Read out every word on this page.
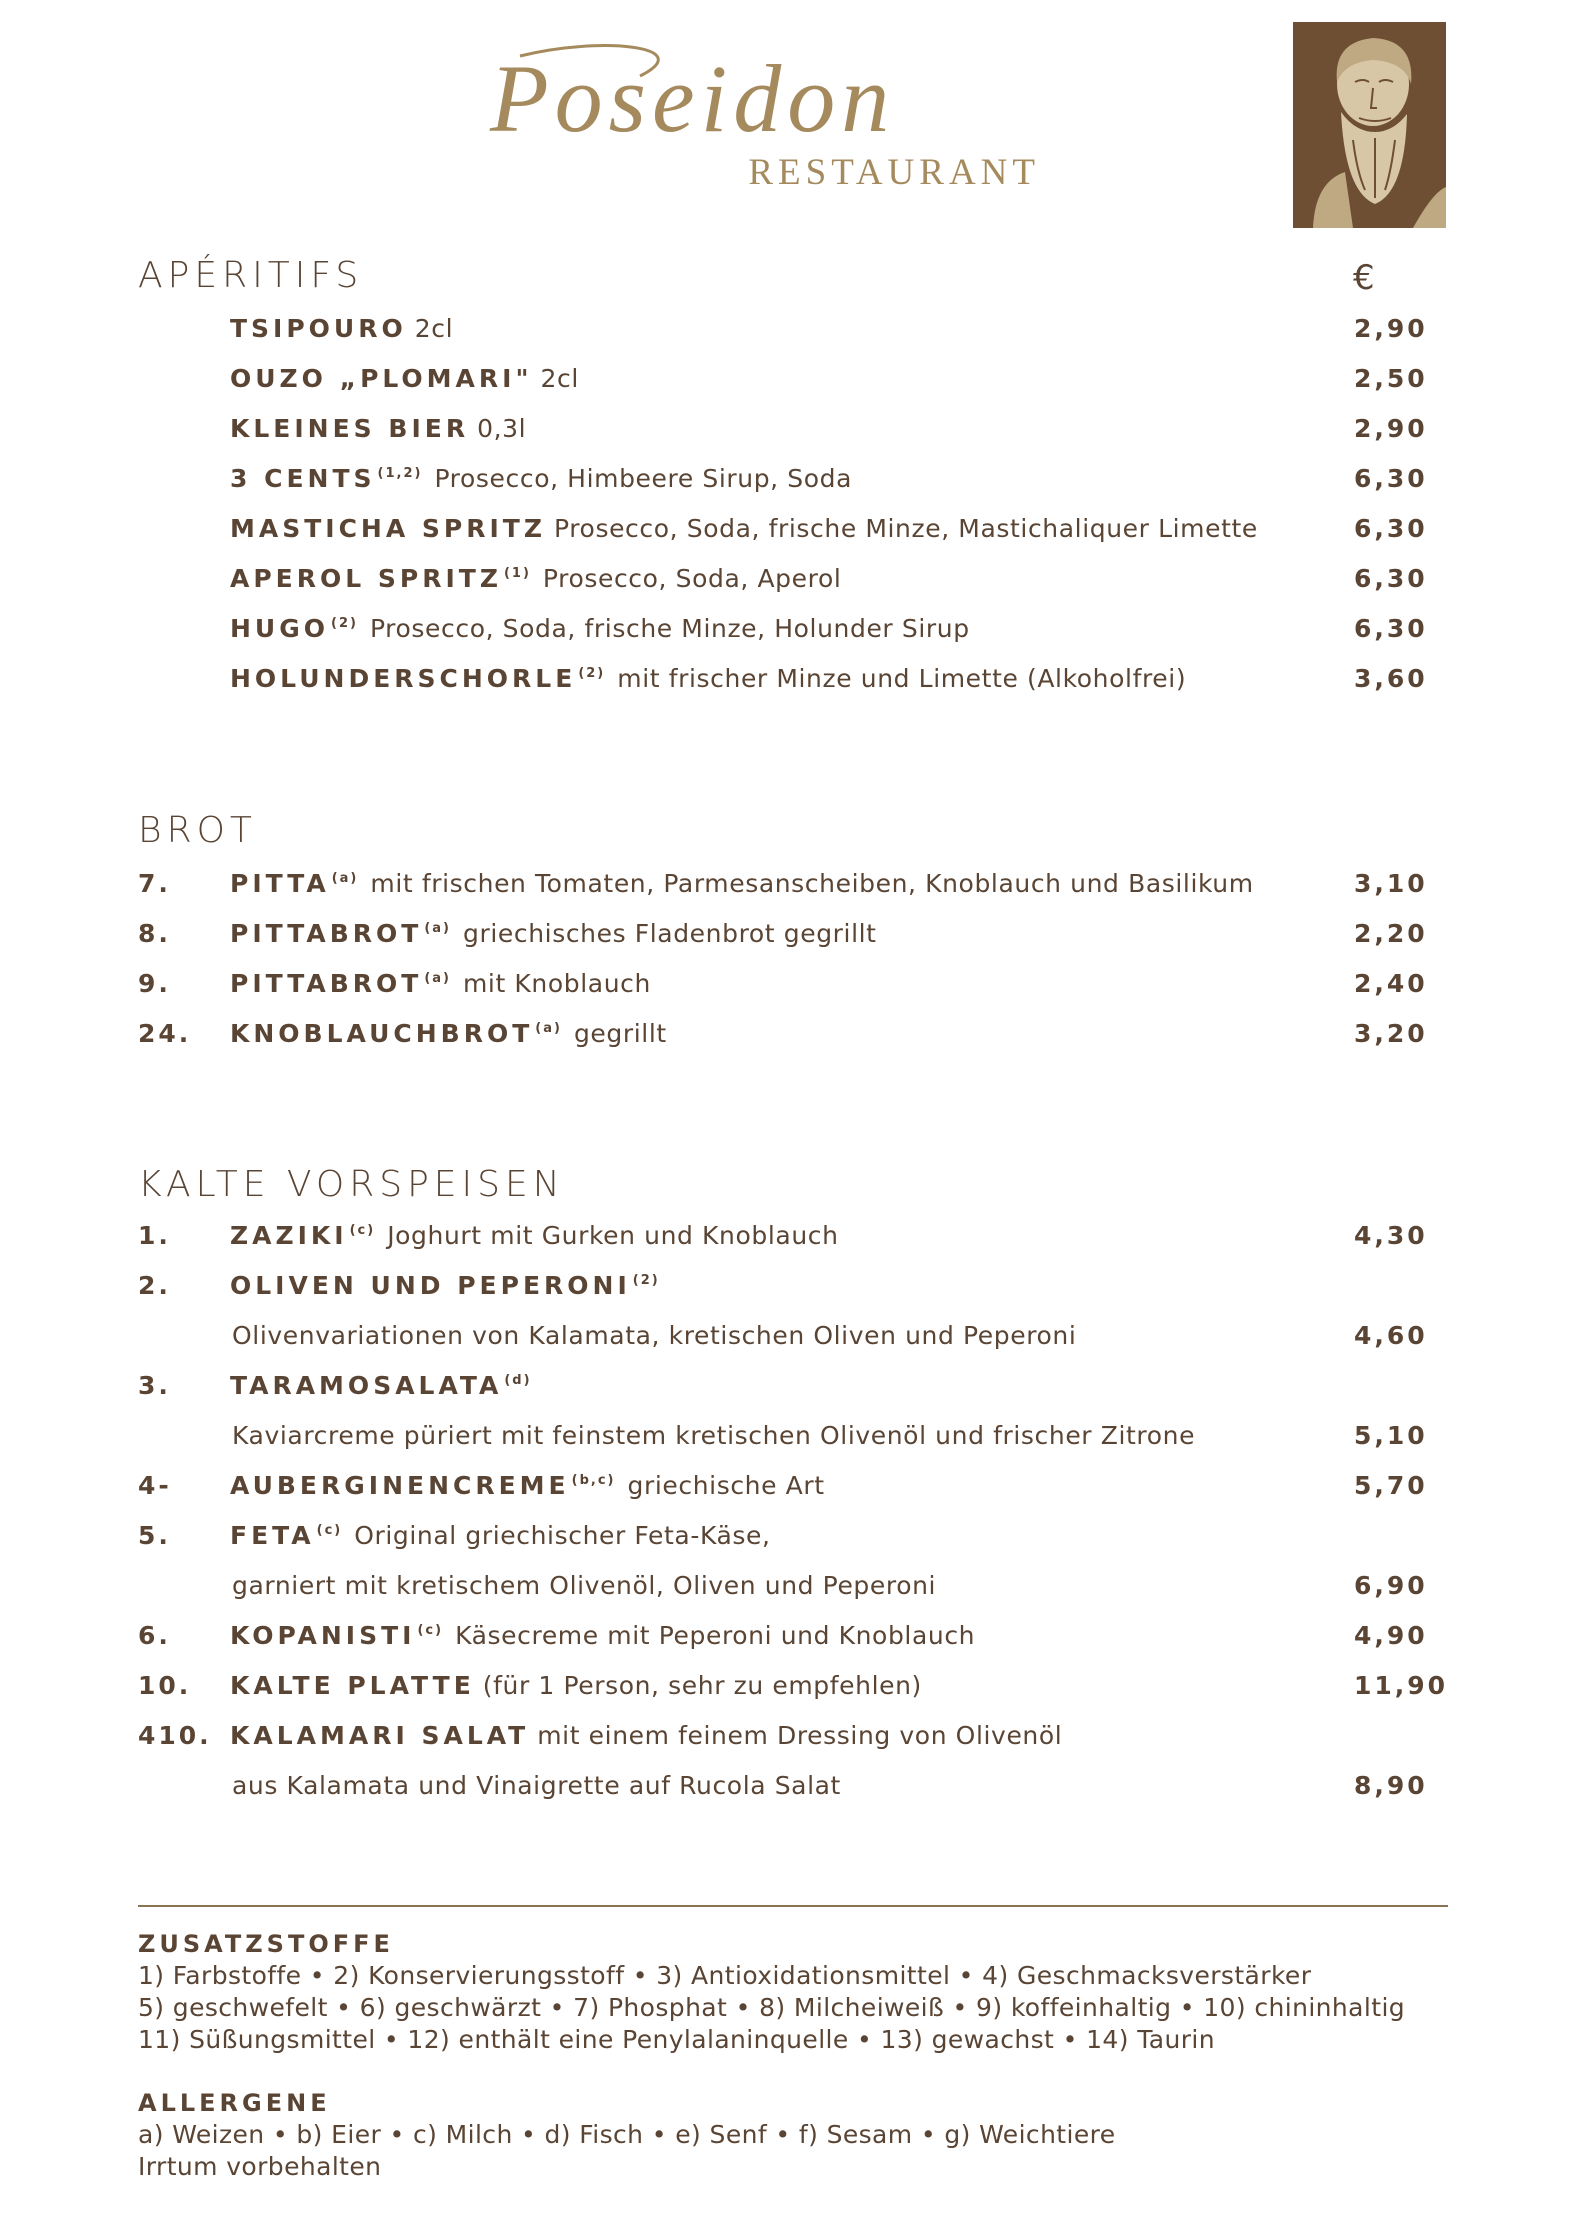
Poseidon
RESTAURANT
APÉRITIFS	€
TSIPOURO 2cl	2,90
OUZO „PLOMARI" 2cl	2,50
KLEINES BIER 0,3l	2,90
3 CENTS $^{(1,2)}$ Prosecco, Himbeere Sirup, Soda	6,30
MASTICHA SPRITZ Prosecco, Soda, frische Minze, Mastichaliquer Limette	6,30
APEROL SPRITZ $^{(1)}$ Prosecco, Soda, Aperol	6,30
HUGO $^{(2)}$ Prosecco, Soda, frische Minze, Holunder Sirup	6,30
HOLUNDERSCHORLE $^{(2)}$ mit frischer Minze und Limette (Alkoholfrei)	3,60
BROT
7. PITTA $^{(a)}$ mit frischen Tomaten, Parmesanscheiben, Knoblauch und Basilikum	3,10
8. PITTABROT $^{(a)}$ griechisches Fladenbrot gegrillt	2,20
9. PITTABROT $^{(a)}$ mit Knoblauch	2,40
24. KNOBLAUCHBROT $^{(a)}$ gegrillt	3,20
KALTE VORSPEISEN
1. ZAZIKI $^{(c)}$ Joghurt mit Gurken und Knoblauch	4,30
2. OLIVEN UND PEPERONI $^{(2)}$
Olivenvariationen von Kalamata, kretischen Oliven und Peperoni	4,60
3. TARAMOSALATA $^{(d)}$
Kaviarcreme püriert mit feinstem kretischen Olivenöl und frischer Zitrone	5,10
4- AUBERGINENCREME $^{(b,c)}$ griechische Art	5,70
5. FETA $^{(c)}$ Original griechischer Feta-Käse,
garniert mit kretischem Olivenöl, Oliven und Peperoni	6,90
6. KOPANISTI $^{(c)}$ Käsecreme mit Peperoni und Knoblauch	4,90
10. KALTE PLATTE (für 1 Person, sehr zu empfehlen)	11,90
410. KALAMARI SALAT mit einem feinem Dressing von Olivenöl
aus Kalamata und Vinaigrette auf Rucola Salat	8,90
ZUSATZSTOFFE
1) Farbstoffe • 2) Konservierungsstoff • 3) Antioxidationsmittel • 4) Geschmacksverstärker
5) geschwefelt • 6) geschwärzt • 7) Phosphat • 8) Milcheiweiß • 9) koffeinhaltig • 10) chininhaltig
11) Süßungsmittel • 12) enthält eine Penylalaninquelle • 13) gewachst • 14) Taurin
ALLERGENE
a) Weizen • b) Eier • c) Milch • d) Fisch • e) Senf • f) Sesam • g) Weichtiere
Irrtum vorbehalten
